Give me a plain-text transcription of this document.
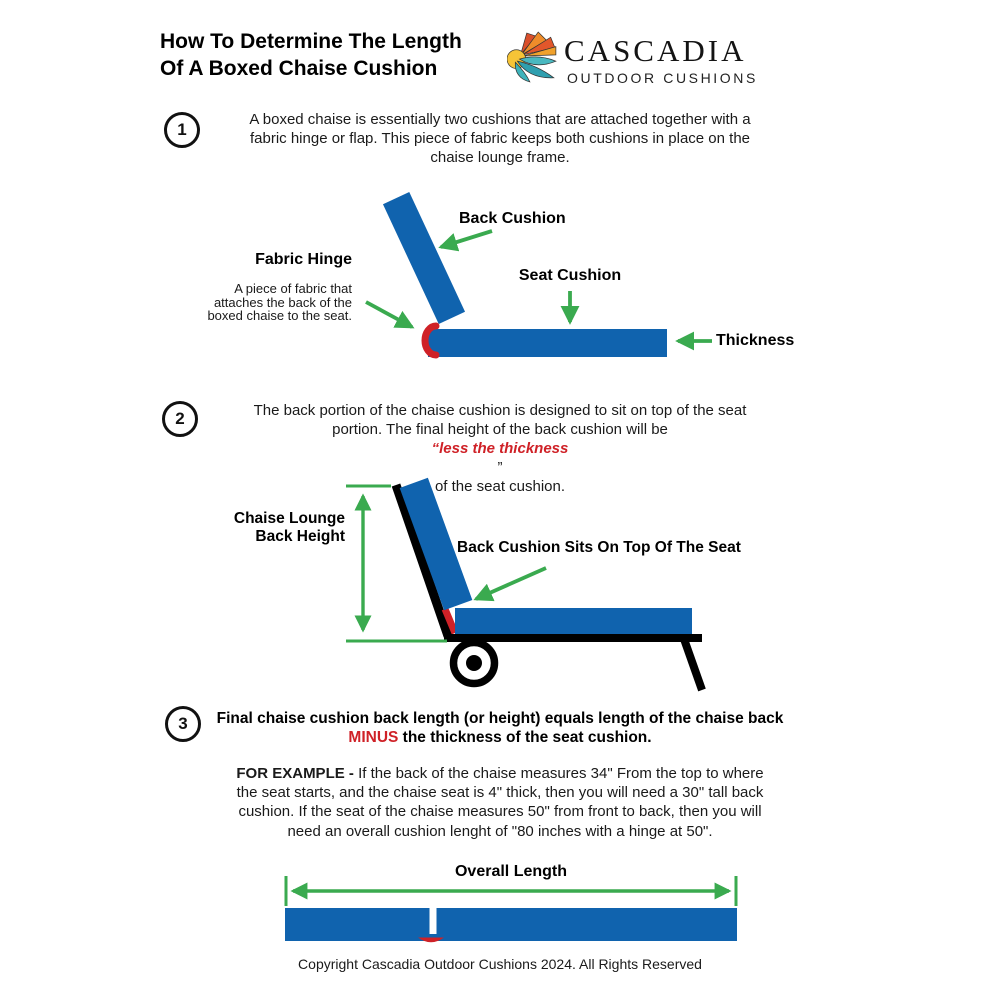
How To Determine The Length
Of A Boxed Chaise Cushion
CASCADIA
OUTDOOR CUSHIONS
1
A boxed chaise is essentially two cushions that are attached together with a
fabric hinge or flap. This piece of fabric keeps both cushions in place on the
chaise lounge frame.
Back Cushion
Fabric Hinge
A piece of fabric that
attaches the back of the
boxed chaise to the seat.
Seat Cushion
Thickness
2	The back portion of the chaise cushion is designed to sit on top of the seat
portion. The final height of the back cushion will be
“less the thickness
”
of the seat cushion.
Chaise Lounge
Back Height
Back Cushion Sits On Top Of The Seat
3	Final chaise cushion back length (or height) equals length of the chaise back
MINUS the thickness of the seat cushion.
FOR EXAMPLE - If the back of the chaise measures 34" From the top to where
the seat starts, and the chaise seat is 4" thick, then you will need a 30" tall back
cushion. If the seat of the chaise measures 50" from front to back, then you will
need an overall cushion lenght of "80 inches with a hinge at 50".
Overall Length
Copyright Cascadia Outdoor Cushions 2024. All Rights Reserved
